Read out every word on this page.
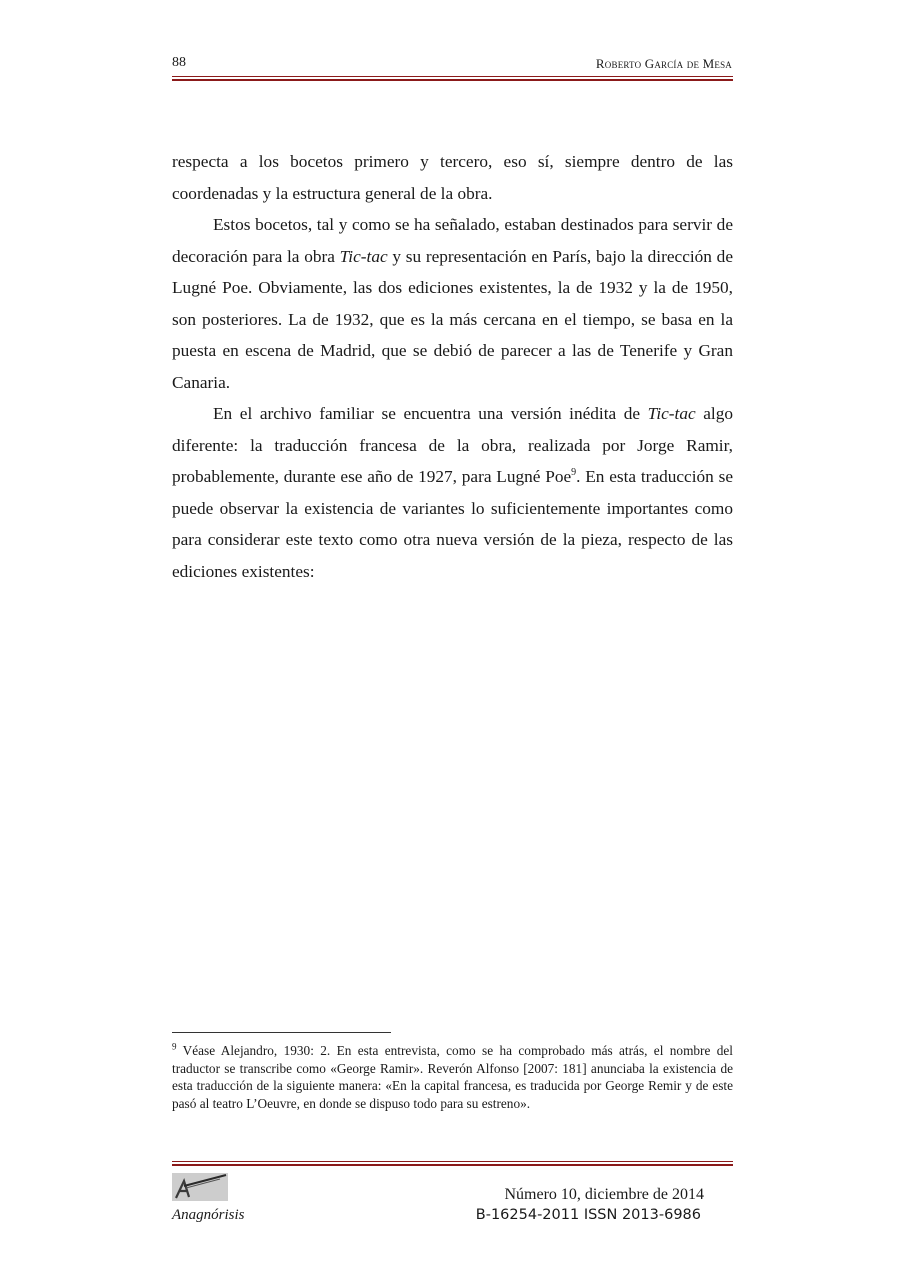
88	Roberto García de Mesa

respecta a los bocetos primero y tercero, eso sí, siempre dentro de las coordenadas y la estructura general de la obra.

Estos bocetos, tal y como se ha señalado, estaban destinados para servir de decoración para la obra Tic-tac y su representación en París, bajo la dirección de Lugné Poe. Obviamente, las dos ediciones existentes, la de 1932 y la de 1950, son posteriores. La de 1932, que es la más cercana en el tiempo, se basa en la puesta en escena de Madrid, que se debió de parecer a las de Tenerife y Gran Canaria.

En el archivo familiar se encuentra una versión inédita de Tic-tac algo diferente: la traducción francesa de la obra, realizada por Jorge Ramir, probablemente, durante ese año de 1927, para Lugné Poe$^9$. En esta traducción se puede observar la existencia de variantes lo suficientemente importantes como para considerar este texto como otra nueva versión de la pieza, respecto de las ediciones existentes:

$^9$ Véase Alejandro, 1930: 2. En esta entrevista, como se ha comprobado más atrás, el nombre del traductor se transcribe como «George Ramir». Reverón Alfonso [2007: 181] anunciaba la existencia de esta traducción de la siguiente manera: «En la capital francesa, es traducida por George Remir y de este pasó al teatro L’Oeuvre, en donde se dispuso todo para su estreno».
Anagnórisis
Número 10, diciembre de 2014
B-16254-2011 ISSN 2013-6986
